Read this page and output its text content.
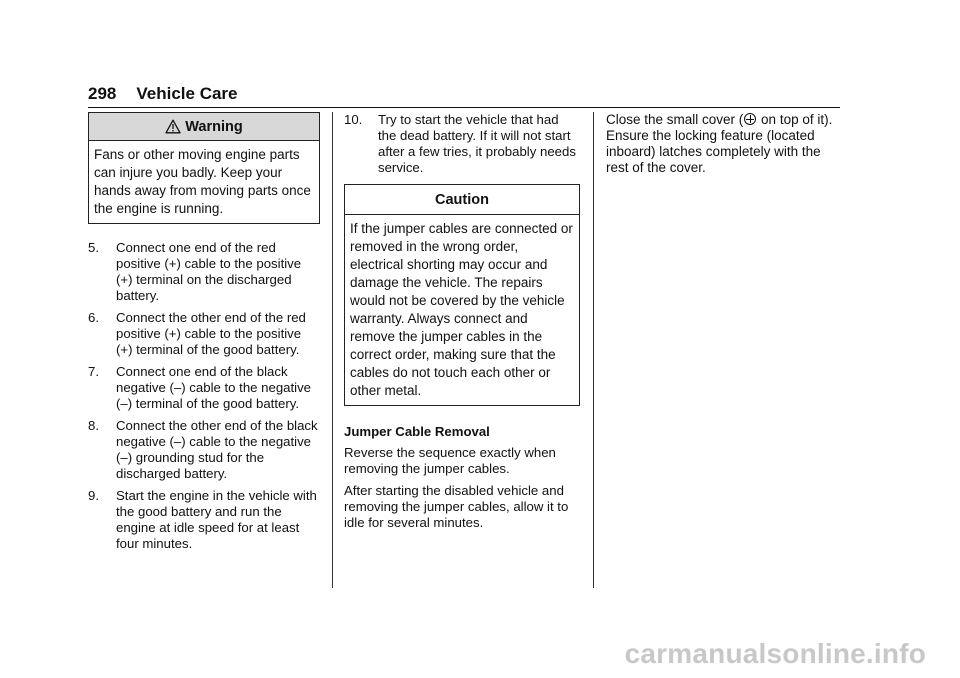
298 Vehicle Care
Warning
Fans or other moving engine parts can injure you badly. Keep your hands away from moving parts once the engine is running.
5.	Connect one end of the red positive (+) cable to the positive (+) terminal on the discharged battery.
6.	Connect the other end of the red positive (+) cable to the positive (+) terminal of the good battery.
7.	Connect one end of the black negative (–) cable to the negative (–) terminal of the good battery.
8.	Connect the other end of the black negative (–) cable to the negative (–) grounding stud for the discharged battery.
9.	Start the engine in the vehicle with the good battery and run the engine at idle speed for at least four minutes.
10.	Try to start the vehicle that had the dead battery. If it will not start after a few tries, it probably needs service.
Caution
If the jumper cables are connected or removed in the wrong order, electrical shorting may occur and damage the vehicle. The repairs would not be covered by the vehicle warranty. Always connect and remove the jumper cables in the correct order, making sure that the cables do not touch each other or other metal.
Jumper Cable Removal

Reverse the sequence exactly when removing the jumper cables.

After starting the disabled vehicle and removing the jumper cables, allow it to idle for several minutes.

Close the small cover ( on top of it). Ensure the locking feature (located inboard) latches completely with the rest of the cover.

carmanualsonline.info
